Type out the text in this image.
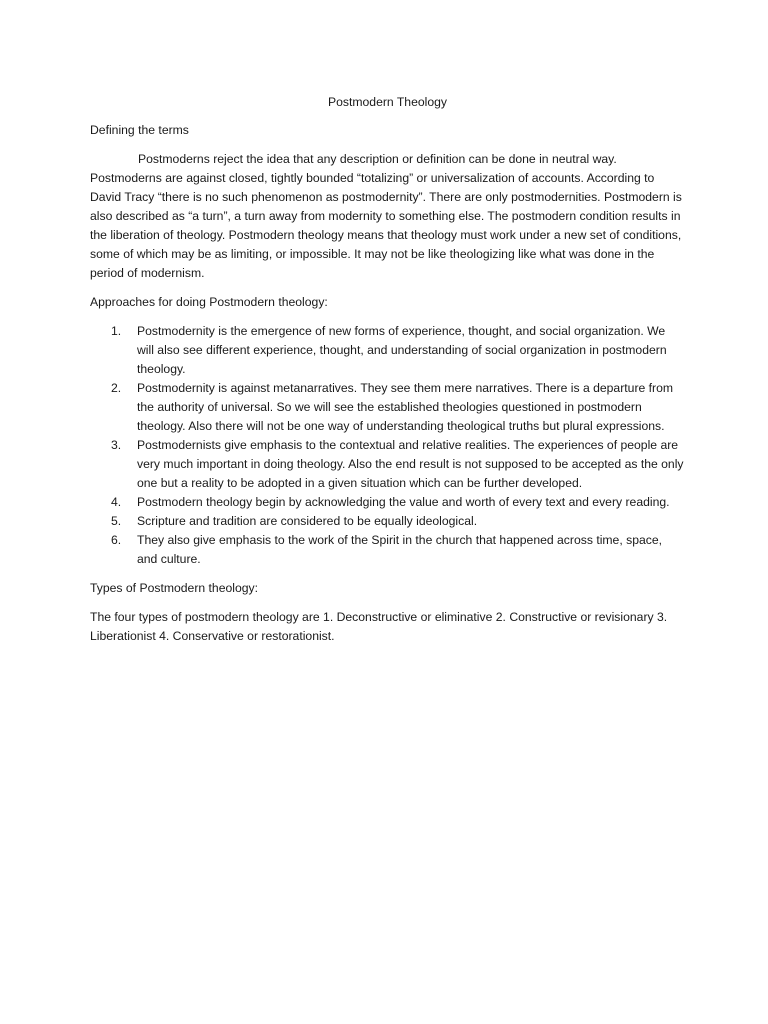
Postmodern Theology
Defining the terms
Postmoderns reject the idea that any description or definition can be done in neutral way. Postmoderns are against closed, tightly bounded “totalizing” or universalization of accounts. According to David Tracy “there is no such phenomenon as postmodernity”. There are only postmodernities. Postmodern is also described as “a turn”, a turn away from modernity to something else. The postmodern condition results in the liberation of theology. Postmodern theology means that theology must work under a new set of conditions, some of which may be as limiting, or impossible. It may not be like theologizing like what was done in the period of modernism.
Approaches for doing Postmodern theology:
1. Postmodernity is the emergence of new forms of experience, thought, and social organization. We will also see different experience, thought, and understanding of social organization in postmodern theology.
2. Postmodernity is against metanarratives. They see them mere narratives. There is a departure from the authority of universal. So we will see the established theologies questioned in postmodern theology. Also there will not be one way of understanding theological truths but plural expressions.
3. Postmodernists give emphasis to the contextual and relative realities. The experiences of people are very much important in doing theology. Also the end result is not supposed to be accepted as the only one but a reality to be adopted in a given situation which can be further developed.
4. Postmodern theology begin by acknowledging the value and worth of every text and every reading.
5. Scripture and tradition are considered to be equally ideological.
6. They also give emphasis to the work of the Spirit in the church that happened across time, space, and culture.
Types of Postmodern theology:
The four types of postmodern theology are 1. Deconstructive or eliminative 2. Constructive or revisionary 3. Liberationist 4. Conservative or restorationist.
